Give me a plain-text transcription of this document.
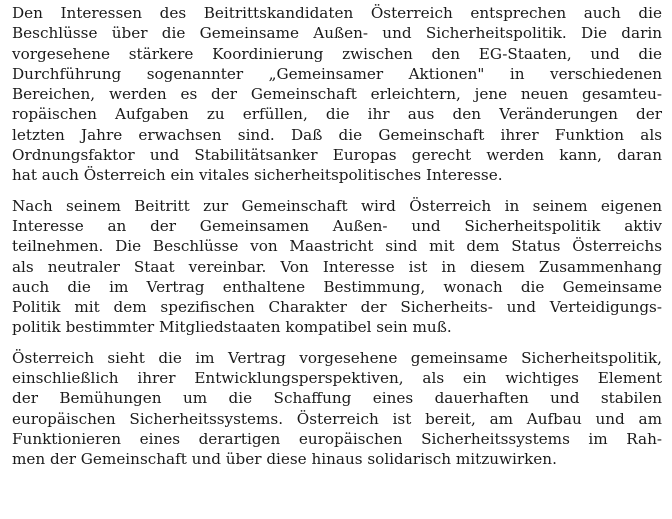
Den Interessen des Beitrittskandidaten Österreich entsprechen auch die
Beschlüsse über die Gemeinsame Außen- und Sicherheitspolitik. Die darin
vorgesehene stärkere Koordinierung zwischen den EG-Staaten, und die
Durchführung sogenannter „Gemeinsamer Aktionen" in verschiedenen
Bereichen, werden es der Gemeinschaft erleichtern, jene neuen gesamteu-
ropäischen Aufgaben zu erfüllen, die ihr aus den Veränderungen der
letzten Jahre erwachsen sind. Daß die Gemeinschaft ihrer Funktion als
Ordnungsfaktor und Stabilitätsanker Europas gerecht werden kann, daran
hat auch Österreich ein vitales sicherheitspolitisches Interesse.

Nach seinem Beitritt zur Gemeinschaft wird Österreich in seinem eigenen
Interesse an der Gemeinsamen Außen- und Sicherheitspolitik aktiv
teilnehmen. Die Beschlüsse von Maastricht sind mit dem Status Österreichs
als neutraler Staat vereinbar. Von Interesse ist in diesem Zusammenhang
auch die im Vertrag enthaltene Bestimmung, wonach die Gemeinsame
Politik mit dem spezifischen Charakter der Sicherheits- und Verteidigungs-
politik bestimmter Mitgliedstaaten kompatibel sein muß.

Österreich sieht die im Vertrag vorgesehene gemeinsame Sicherheitspolitik,
einschließlich ihrer Entwicklungsperspektiven, als ein wichtiges Element
der Bemühungen um die Schaffung eines dauerhaften und stabilen
europäischen Sicherheitssystems. Österreich ist bereit, am Aufbau und am
Funktionieren eines derartigen europäischen Sicherheitssystems im Rah-
men der Gemeinschaft und über diese hinaus solidarisch mitzuwirken.
